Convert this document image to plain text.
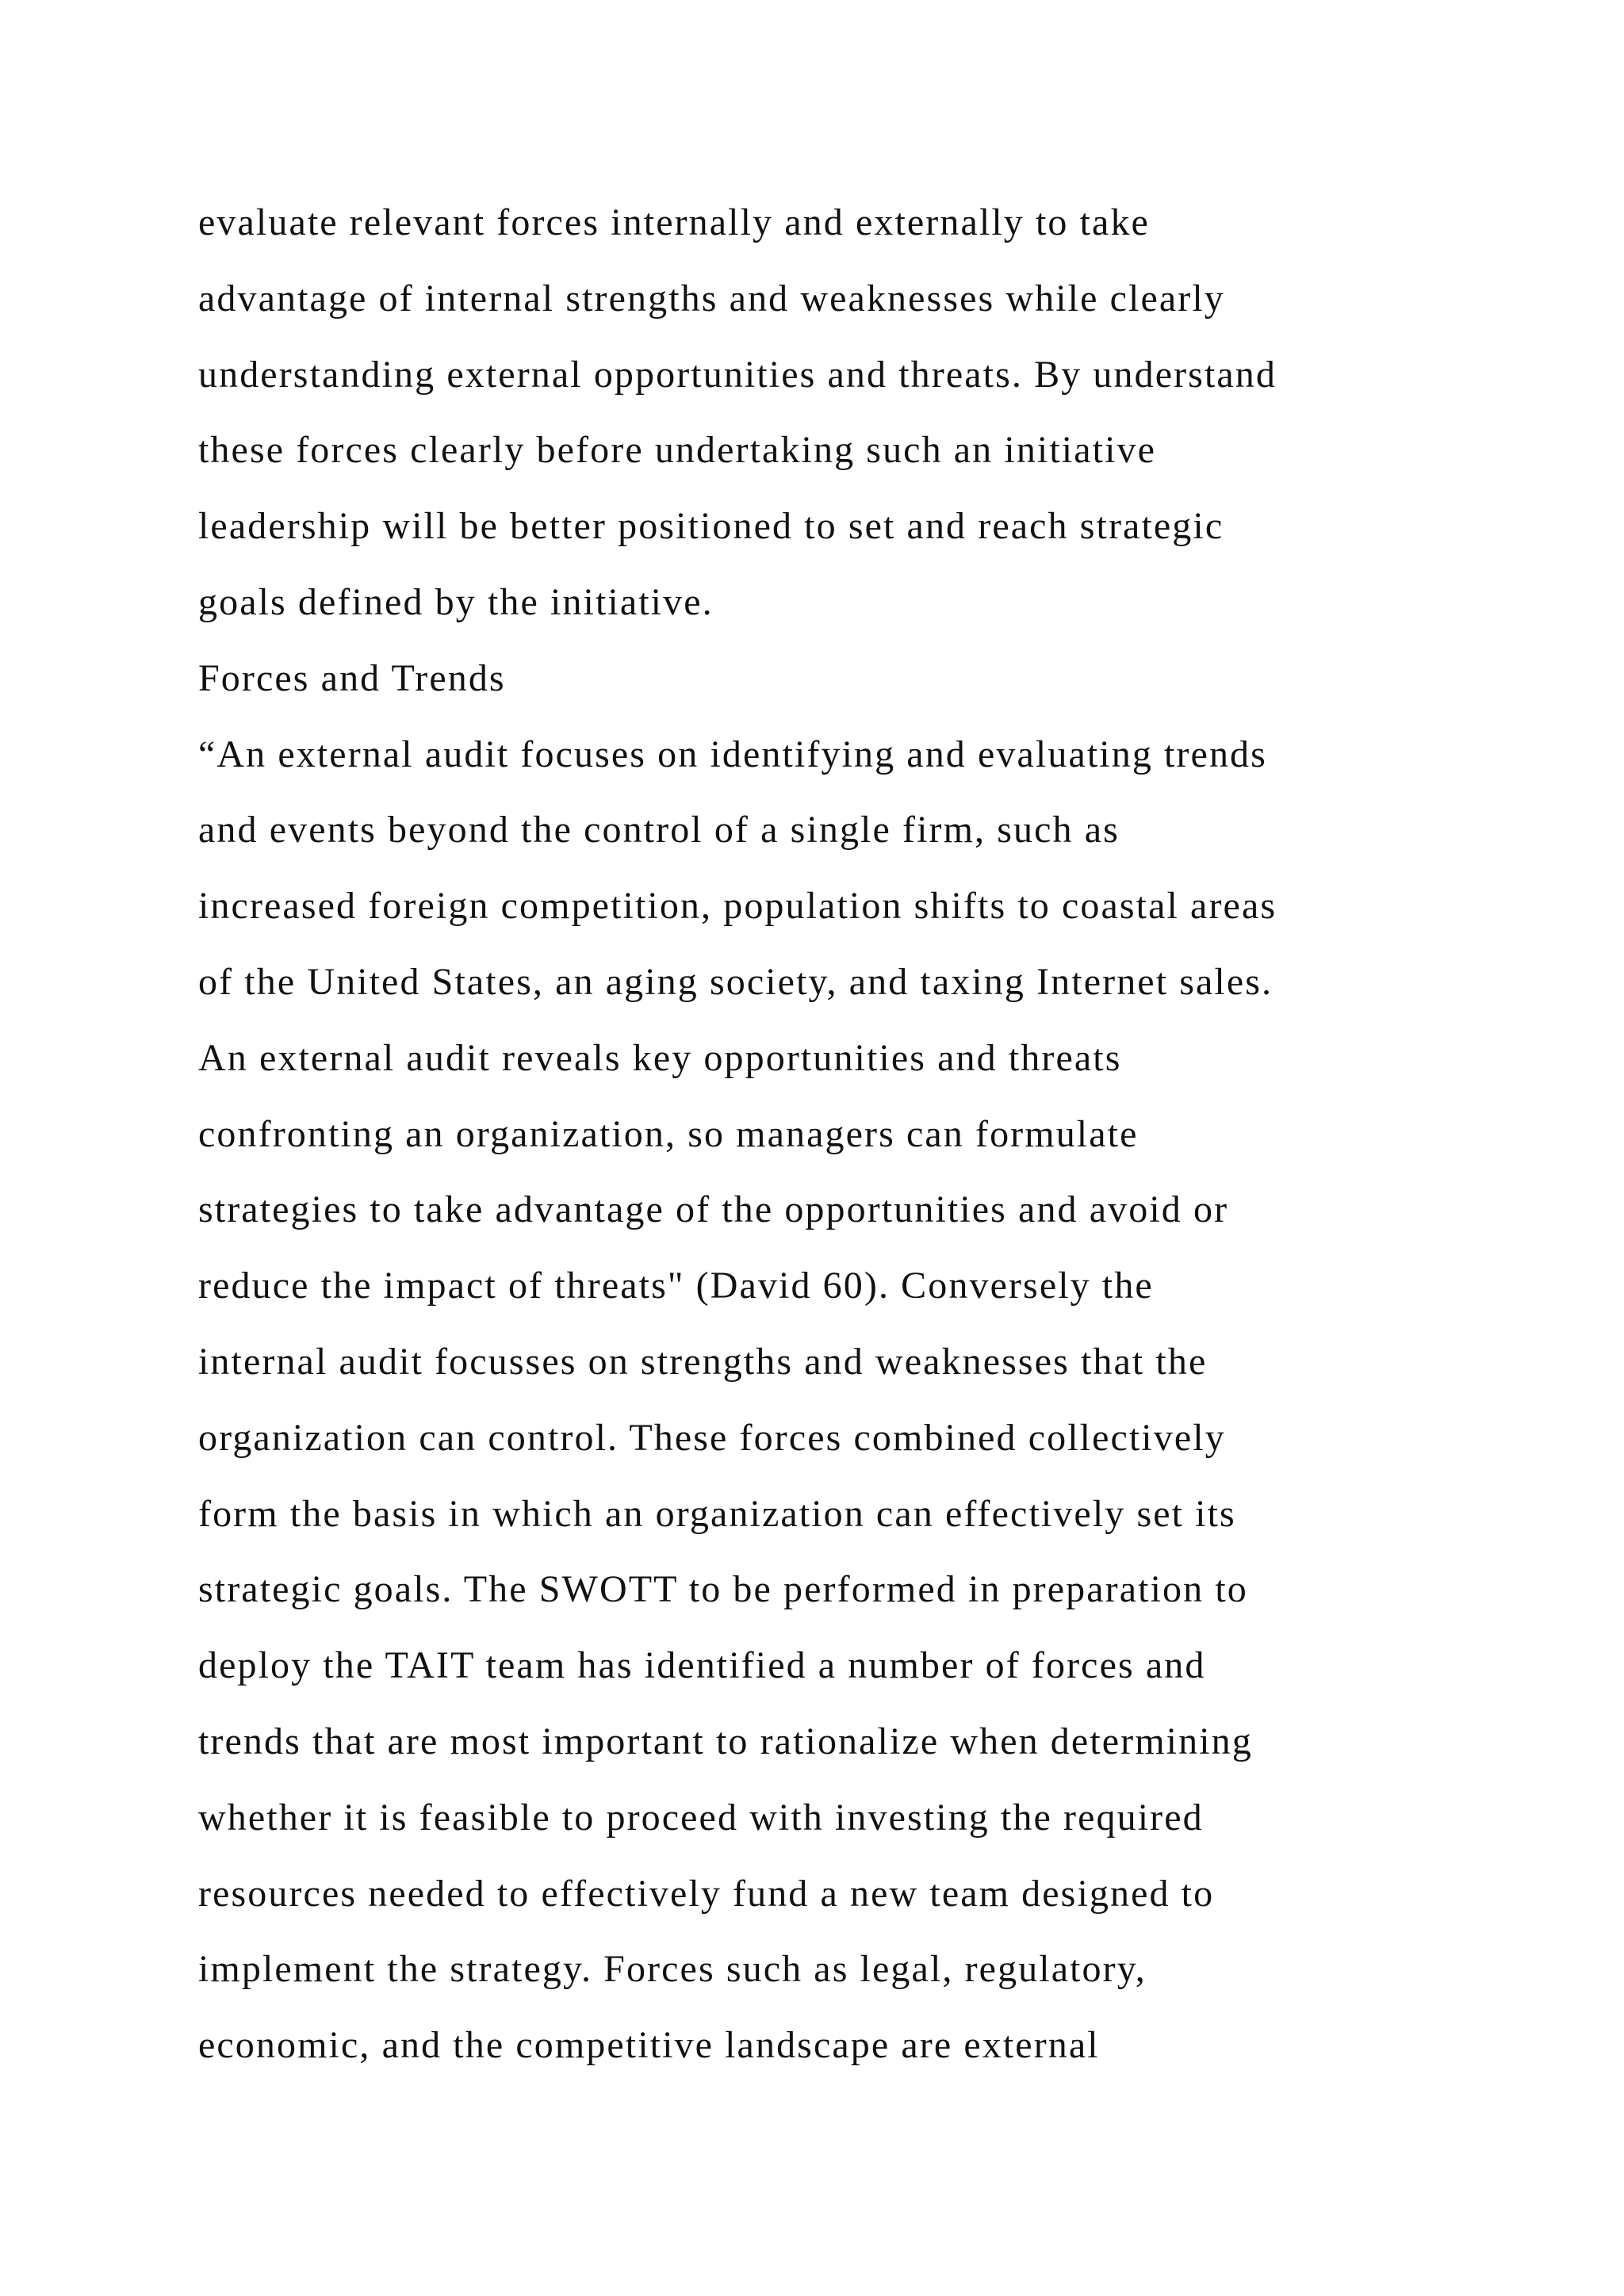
evaluate relevant forces internally and externally to take
advantage of internal strengths and weaknesses while clearly
understanding external opportunities and threats. By understand
these forces clearly before undertaking such an initiative
leadership will be better positioned to set and reach strategic
goals defined by the initiative.
Forces and Trends
“An external audit focuses on identifying and evaluating trends
and events beyond the control of a single firm, such as
increased foreign competition, population shifts to coastal areas
of the United States, an aging society, and taxing Internet sales.
An external audit reveals key opportunities and threats
confronting an organization, so managers can formulate
strategies to take advantage of the opportunities and avoid or
reduce the impact of threats" (David 60). Conversely the
internal audit focusses on strengths and weaknesses that the
organization can control. These forces combined collectively
form the basis in which an organization can effectively set its
strategic goals. The SWOTT to be performed in preparation to
deploy the TAIT team has identified a number of forces and
trends that are most important to rationalize when determining
whether it is feasible to proceed with investing the required
resources needed to effectively fund a new team designed to
implement the strategy. Forces such as legal, regulatory,
economic, and the competitive landscape are external
